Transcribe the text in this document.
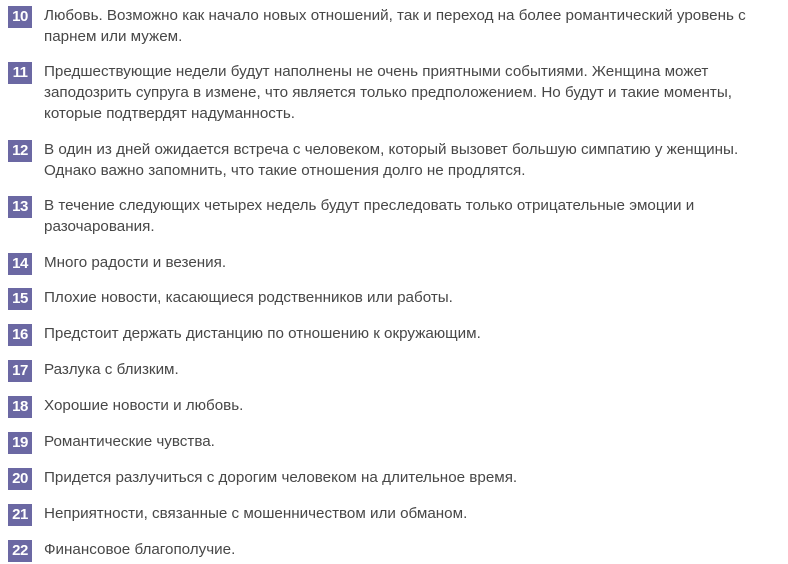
10 Любовь. Возможно как начало новых отношений, так и переход на более романтический уровень с
парнем или мужем.
11	Предшествующие недели будут наполнены не очень приятными событиями. Женщина может
заподозрить супруга в измене, что является только предположением. Но будут и такие моменты,
которые подтвердят надуманность.
12 В один из дней ожидается встреча с человеком, который вызовет большую симпатию у женщины.
Однако важно запомнить, что такие отношения долго не продлятся.
13 В течение следующих четырех недель будут преследовать только отрицательные эмоции и
разочарования.
14 Много радости и везения.
15 Плохие новости, касающиеся родственников или работы.
16 Предстоит держать дистанцию по отношению к окружающим.
17 Разлука с близким.
18 Хорошие новости и любовь.
19 Романтические чувства.
20 Придется разлучиться с дорогим человеком на длительное время.
21 Неприятности, связанные с мошенничеством или обманом.
22 Финансовое благополучие.
